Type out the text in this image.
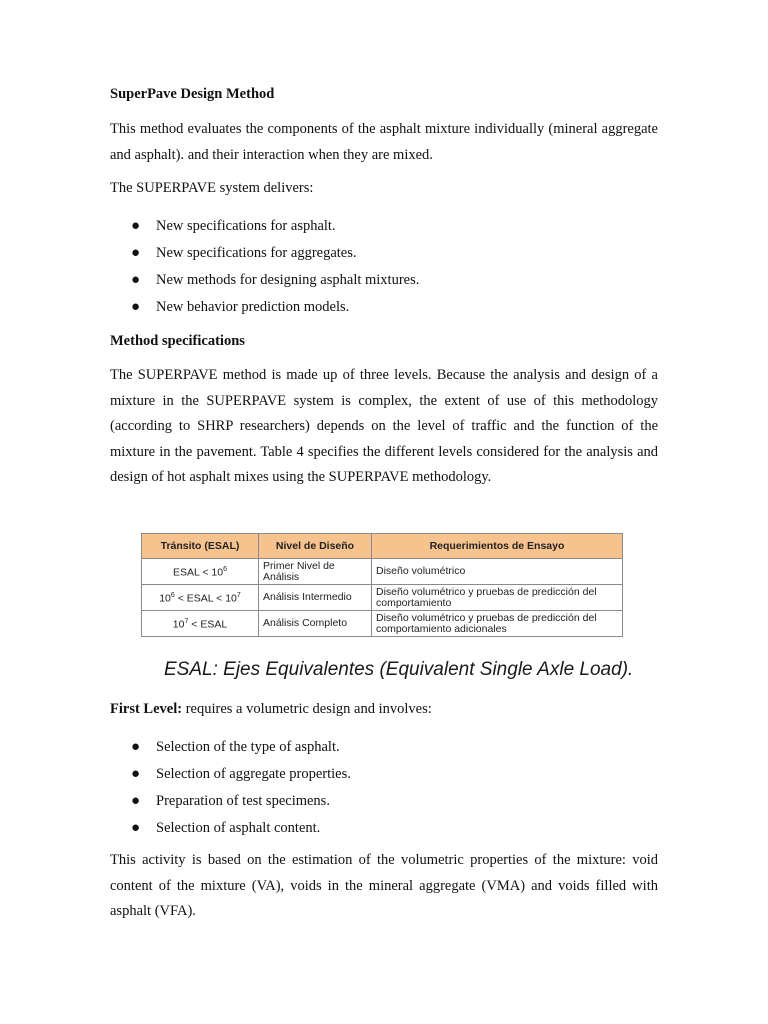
SuperPave Design Method

This method evaluates the components of the asphalt mixture individually (mineral aggregate and asphalt). and their interaction when they are mixed.

The SUPERPAVE system delivers:
● New specifications for asphalt.
● New specifications for aggregates.
● New methods for designing asphalt mixtures.
● New behavior prediction models.
Method specifications

The SUPERPAVE method is made up of three levels. Because the analysis and design of a mixture in the SUPERPAVE system is complex, the extent of use of this methodology (according to SHRP researchers) depends on the level of traffic and the function of the mixture in the pavement. Table 4 specifies the different levels considered for the analysis and design of hot asphalt mixes using the SUPERPAVE methodology.

Tránsito (ESAL)	Nivel de Diseño	Requerimientos de Ensayo
ESAL < $10^6$	Primer Nivel de Análisis	Diseño volumétrico
$10^6$ < ESAL < $10^7$	Análisis Intermedio	Diseño volumétrico y pruebas de predicción del comportamiento
$10^7$ < ESAL	Análisis Completo	Diseño volumétrico y pruebas de predicción del comportamiento adicionales
ESAL: Ejes Equivalentes (Equivalent Single Axle Load).
First Level: requires a volumetric design and involves:
● Selection of the type of asphalt.
● Selection of aggregate properties.
● Preparation of test specimens.
● Selection of asphalt content.

This activity is based on the estimation of the volumetric properties of the mixture: void content of the mixture (VA), voids in the mineral aggregate (VMA) and voids filled with asphalt (VFA).
